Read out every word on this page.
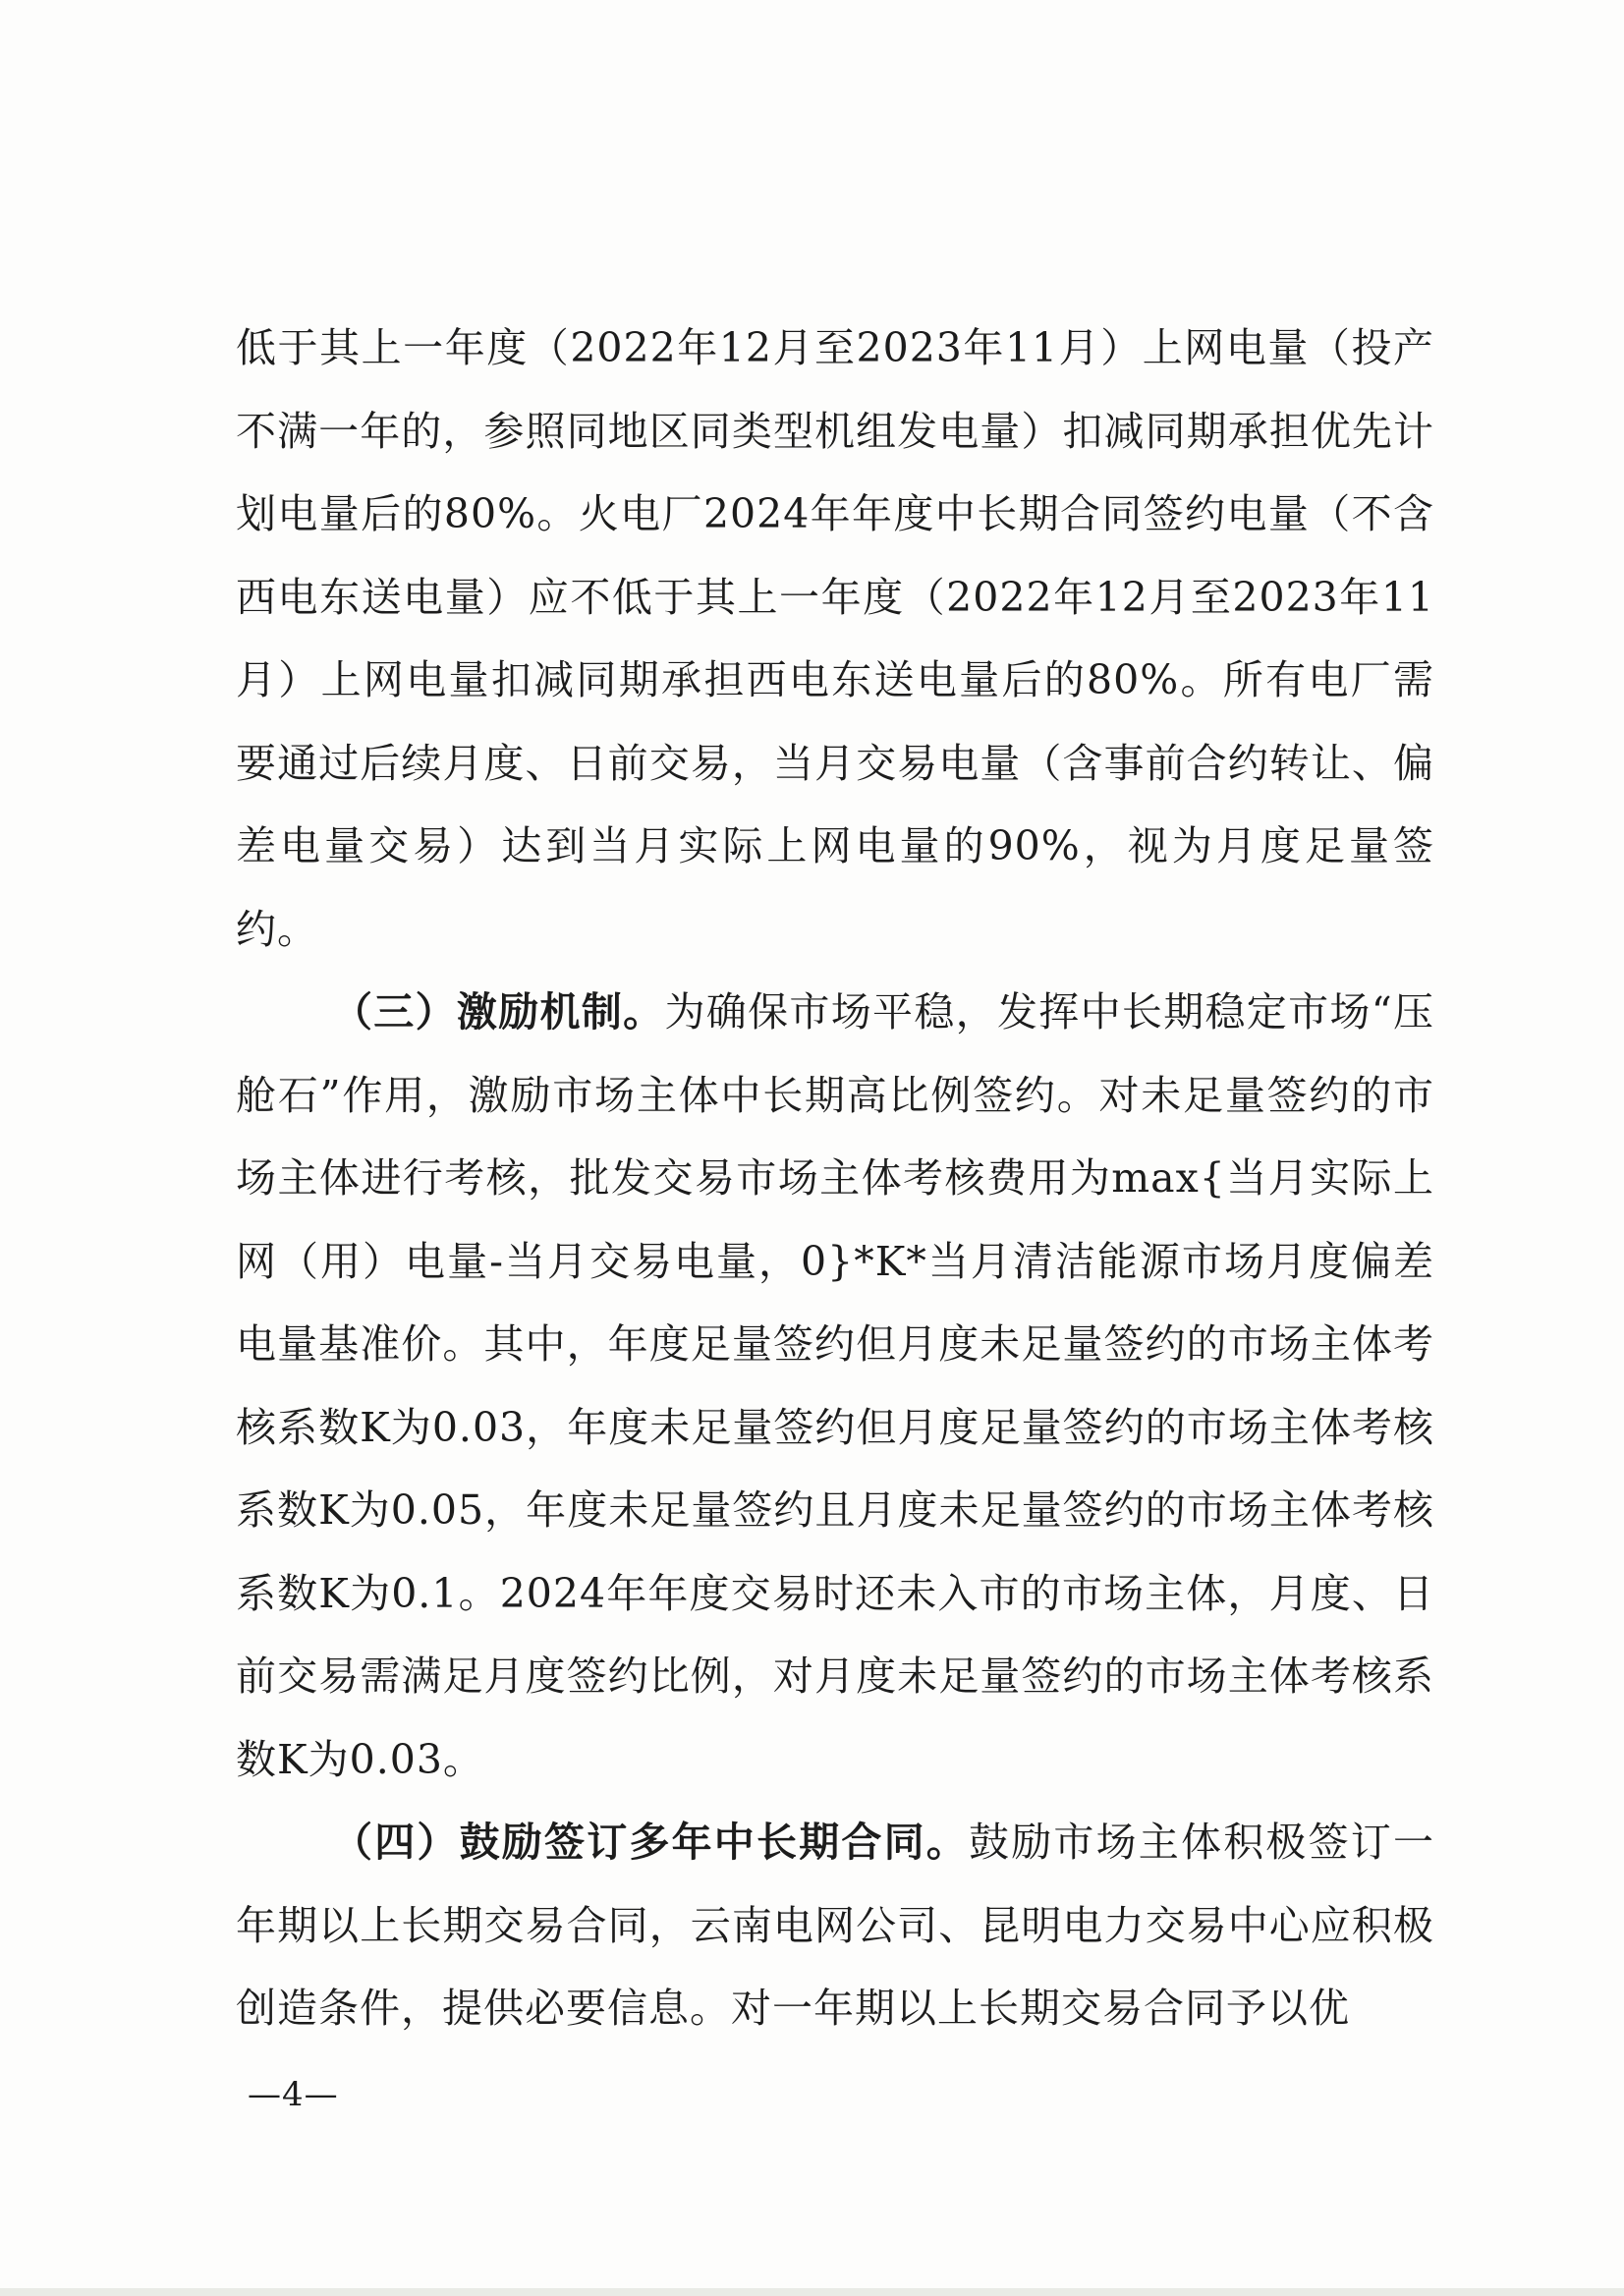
低于其上一年度（2022年12月至2023年11月）上网电量（投产不满一年的，参照同地区同类型机组发电量）扣减同期承担优先计划电量后的80%。火电厂2024年年度中长期合同签约电量（不含西电东送电量）应不低于其上一年度（2022年12月至2023年11月）上网电量扣减同期承担西电东送电量后的80%。所有电厂需要通过后续月度、日前交易，当月交易电量（含事前合约转让、偏差电量交易）达到当月实际上网电量的90%，视为月度足量签约。

（三）激励机制。为确保市场平稳，发挥中长期稳定市场“压舱石”作用，激励市场主体中长期高比例签约。对未足量签约的市场主体进行考核，批发交易市场主体考核费用为max{当月实际上网（用）电量-当月交易电量，0}*K*当月清洁能源市场月度偏差电量基准价。其中，年度足量签约但月度未足量签约的市场主体考核系数K为0.03，年度未足量签约但月度足量签约的市场主体考核系数K为0.05，年度未足量签约且月度未足量签约的市场主体考核系数K为0.1。2024年年度交易时还未入市的市场主体，月度、日前交易需满足月度签约比例，对月度未足量签约的市场主体考核系数K为0.03。

（四）鼓励签订多年中长期合同。鼓励市场主体积极签订一年期以上长期交易合同，云南电网公司、昆明电力交易中心应积极创造条件，提供必要信息。对一年期以上长期交易合同予以优

—4—
